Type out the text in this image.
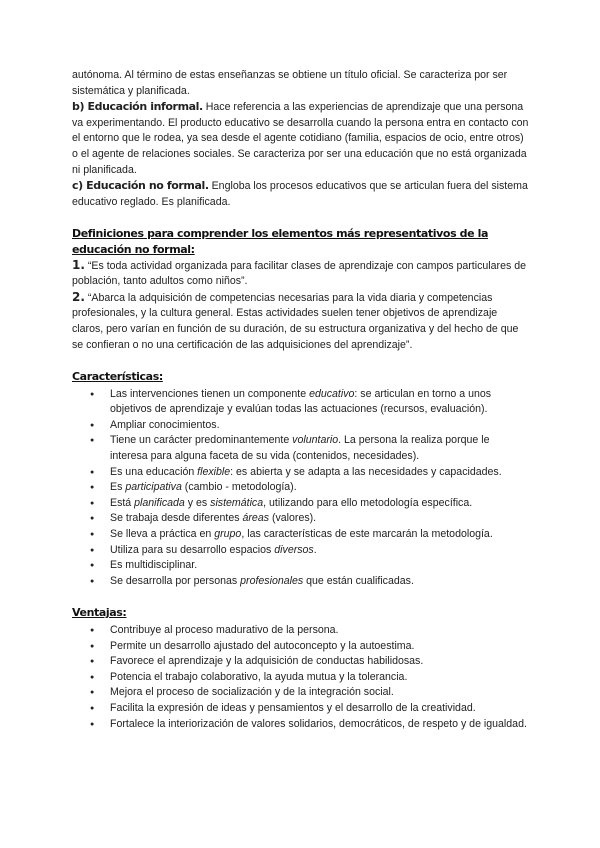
autónoma. Al término de estas enseñanzas se obtiene un título oficial. Se caracteriza por ser sistemática y planificada.

b) Educación informal. Hace referencia a las experiencias de aprendizaje que una persona va experimentando. El producto educativo se desarrolla cuando la persona entra en contacto con el entorno que le rodea, ya sea desde el agente cotidiano (familia, espacios de ocio, entre otros) o el agente de relaciones sociales. Se caracteriza por ser una educación que no está organizada ni planificada.

c) Educación no formal. Engloba los procesos educativos que se articulan fuera del sistema educativo reglado. Es planificada.

Definiciones para comprender los elementos más representativos de la educación no formal:

1. “Es toda actividad organizada para facilitar clases de aprendizaje con campos particulares de población, tanto adultos como niños”.

2. “Abarca la adquisición de competencias necesarias para la vida diaria y competencias profesionales, y la cultura general. Estas actividades suelen tener objetivos de aprendizaje claros, pero varían en función de su duración, de su estructura organizativa y del hecho de que se confieran o no una certificación de las adquisiciones del aprendizaje”.

Características:

● Las intervenciones tienen un componente educativo: se articulan en torno a unos objetivos de aprendizaje y evalúan todas las actuaciones (recursos, evaluación).
● Ampliar conocimientos.
● Tiene un carácter predominantemente voluntario. La persona la realiza porque le interesa para alguna faceta de su vida (contenidos, necesidades).
● Es una educación flexible: es abierta y se adapta a las necesidades y capacidades.
● Es participativa (cambio - metodología).
● Está planificada y es sistemática, utilizando para ello metodología específica.
● Se trabaja desde diferentes áreas (valores).
● Se lleva a práctica en grupo, las características de este marcarán la metodología.
● Utiliza para su desarrollo espacios diversos.
● Es multidisciplinar.
● Se desarrolla por personas profesionales que están cualificadas.

Ventajas:

● Contribuye al proceso madurativo de la persona.
● Permite un desarrollo ajustado del autoconcepto y la autoestima.
● Favorece el aprendizaje y la adquisición de conductas habilidosas.
● Potencia el trabajo colaborativo, la ayuda mutua y la tolerancia.
● Mejora el proceso de socialización y de la integración social.
● Facilita la expresión de ideas y pensamientos y el desarrollo de la creatividad.
● Fortalece la interiorización de valores solidarios, democráticos, de respeto y de igualdad.
